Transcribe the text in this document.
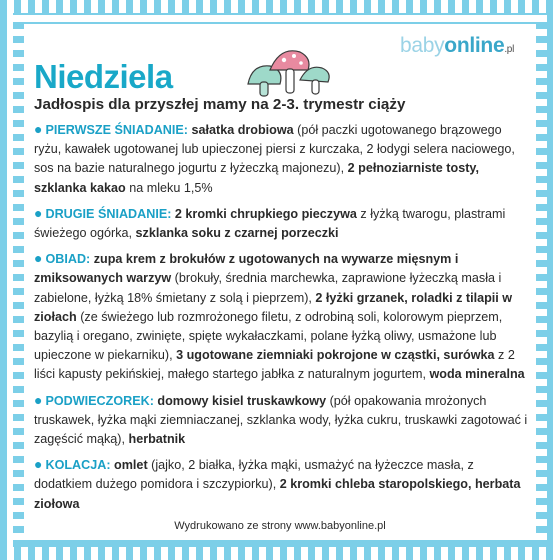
babyonline.pl
Niedziela
Jadłospis dla przyszłej mamy na 2-3. trymestr ciąży
● PIERWSZE ŚNIADANIE: sałatka drobiowa (pół paczki ugotowanego brązowego ryżu, kawałek ugotowanej lub upieczonej piersi z kurczaka, 2 łodygi selera naciowego, sos na bazie naturalnego jogurtu z łyżeczką majonezu), 2 pełnoziarniste tosty, szklanka kakao na mleku 1,5%
● DRUGIE ŚNIADANIE: 2 kromki chrupkiego pieczywa z łyżką twarogu, plastrami świeżego ogórka, szklanka soku z czarnej porzeczki
● OBIAD: zupa krem z brokułów z ugotowanych na wywarze mięsnym i zmiksowanych warzyw (brokuły, średnia marchewka, zaprawione łyżeczką masła i zabielone, łyżką 18% śmietany z solą i pieprzem), 2 łyżki grzanek, roladki z tilapii w ziołach (ze świeżego lub rozmrożonego filetu, z odrobiną soli, kolorowym pieprzem, bazylią i oregano, zwinięte, spięte wykałaczkami, polane łyżką oliwy, usmażone lub upieczone w piekarniku), 3 ugotowane ziemniaki pokrojone w cząstki, surówka z 2 liści kapusty pekińskiej, małego startego jabłka z naturalnym jogurtem, woda mineralna
● PODWIECZOREK: domowy kisiel truskawkowy (pół opakowania mrożonych truskawek, łyżka mąki ziemniaczanej, szklanka wody, łyżka cukru, truskawki zagotować i zagęścić mąką), herbatnik
● KOLACJA: omlet (jajko, 2 białka, łyżka mąki, usmażyć na łyżeczce masła, z dodatkiem dużego pomidora i szczypiorku), 2 kromki chleba staropolskiego, herbata ziołowa
Wydrukowano ze strony www.babyonline.pl
